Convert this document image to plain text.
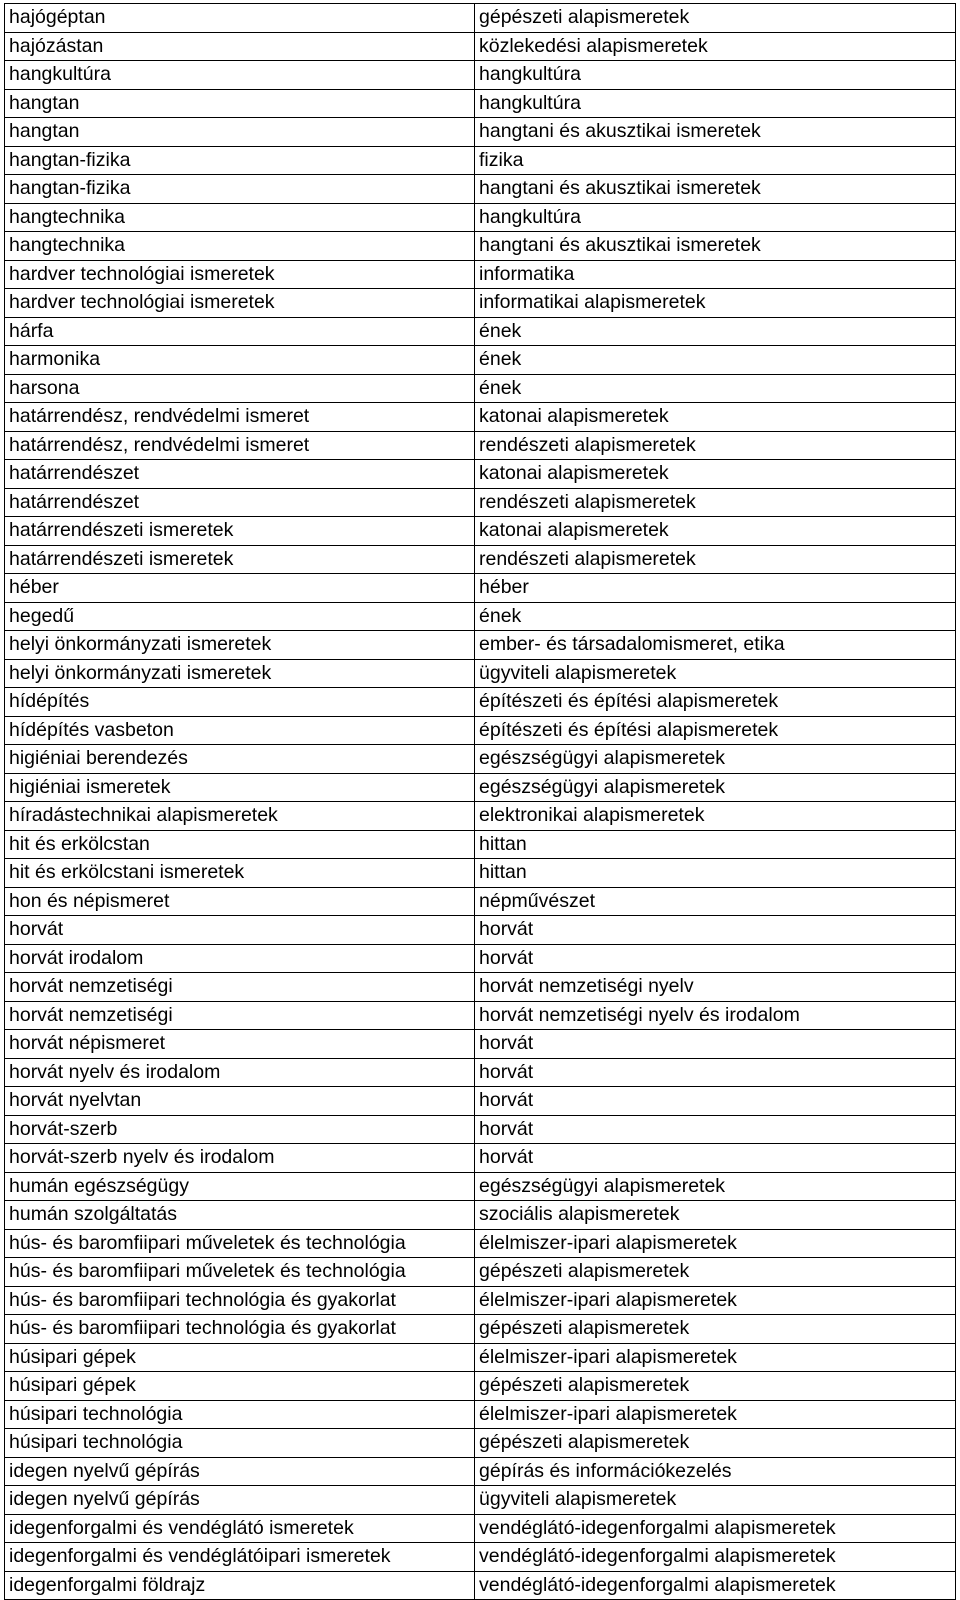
hajógéptan	gépészeti alapismeretek
hajózástan	közlekedési alapismeretek
hangkultúra	hangkultúra
hangtan	hangkultúra
hangtan	hangtani és akusztikai ismeretek
hangtan-fizika	fizika
hangtan-fizika	hangtani és akusztikai ismeretek
hangtechnika	hangkultúra
hangtechnika	hangtani és akusztikai ismeretek
hardver technológiai ismeretek	informatika
hardver technológiai ismeretek	informatikai alapismeretek
hárfa	ének
harmonika	ének
harsona	ének
határrendész, rendvédelmi ismeret	katonai alapismeretek
határrendész, rendvédelmi ismeret	rendészeti alapismeretek
határrendészet	katonai alapismeretek
határrendészet	rendészeti alapismeretek
határrendészeti ismeretek	katonai alapismeretek
határrendészeti ismeretek	rendészeti alapismeretek
héber	héber
hegedű	ének
helyi önkormányzati ismeretek	ember- és társadalomismeret, etika
helyi önkormányzati ismeretek	ügyviteli alapismeretek
hídépítés	építészeti és építési alapismeretek
hídépítés vasbeton	építészeti és építési alapismeretek
higiéniai berendezés	egészségügyi alapismeretek
higiéniai ismeretek	egészségügyi alapismeretek
híradástechnikai alapismeretek	elektronikai alapismeretek
hit és erkölcstan	hittan
hit és erkölcstani ismeretek	hittan
hon és népismeret	népművészet
horvát	horvát
horvát irodalom	horvát
horvát nemzetiségi	horvát nemzetiségi nyelv
horvát nemzetiségi	horvát nemzetiségi nyelv és irodalom
horvát népismeret	horvát
horvát nyelv és irodalom	horvát
horvát nyelvtan	horvát
horvát-szerb	horvát
horvát-szerb nyelv és irodalom	horvát
humán egészségügy	egészségügyi alapismeretek
humán szolgáltatás	szociális alapismeretek
hús- és baromfiipari műveletek és technológia	élelmiszer-ipari alapismeretek
hús- és baromfiipari műveletek és technológia	gépészeti alapismeretek
hús- és baromfiipari technológia és gyakorlat	élelmiszer-ipari alapismeretek
hús- és baromfiipari technológia és gyakorlat	gépészeti alapismeretek
húsipari gépek	élelmiszer-ipari alapismeretek
húsipari gépek	gépészeti alapismeretek
húsipari technológia	élelmiszer-ipari alapismeretek
húsipari technológia	gépészeti alapismeretek
idegen nyelvű gépírás	gépírás és információkezelés
idegen nyelvű gépírás	ügyviteli alapismeretek
idegenforgalmi és vendéglátó ismeretek	vendéglátó-idegenforgalmi alapismeretek
idegenforgalmi és vendéglátóipari ismeretek	vendéglátó-idegenforgalmi alapismeretek
idegenforgalmi földrajz	vendéglátó-idegenforgalmi alapismeretek
